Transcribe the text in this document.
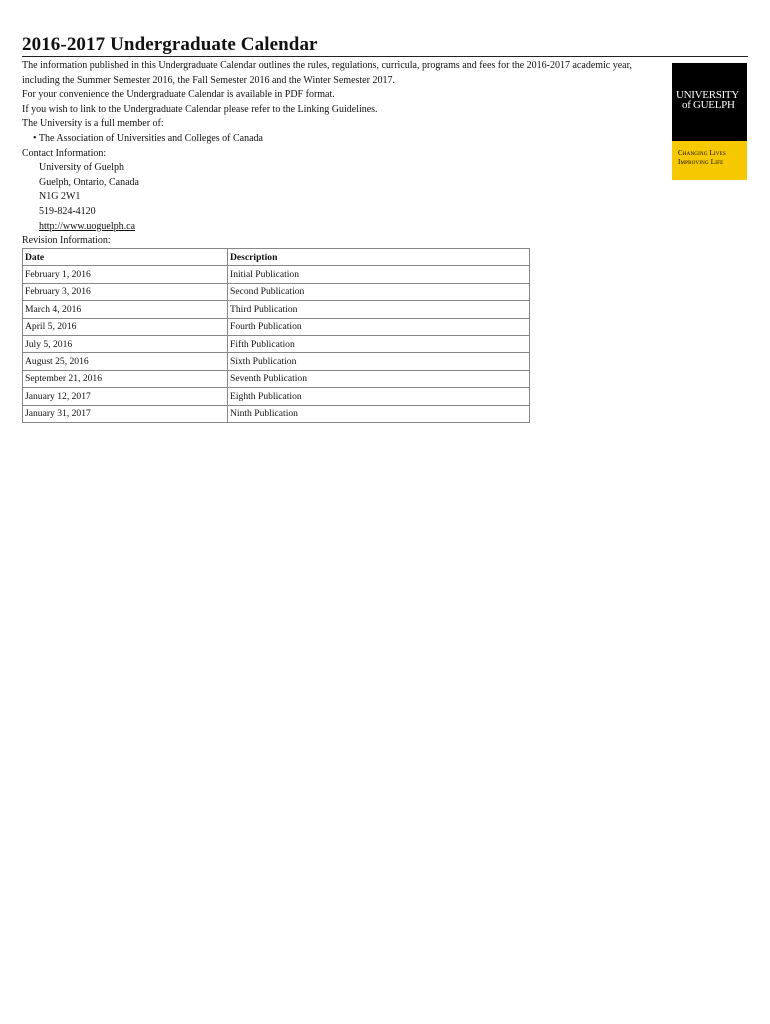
2016-2017 Undergraduate Calendar

The information published in this Undergraduate Calendar outlines the rules, regulations, curricula, programs and fees for the 2016-2017 academic year, including the Summer Semester 2016, the Fall Semester 2016 and the Winter Semester 2017.

For your convenience the Undergraduate Calendar is available in PDF format.

If you wish to link to the Undergraduate Calendar please refer to the Linking Guidelines.

The University is a full member of:

• The Association of Universities and Colleges of Canada

Contact Information:

University of Guelph

Guelph, Ontario, Canada

N1G 2W1

519-824-4120

http://www.uoguelph.ca

Revision Information:

Date	Description
February 1, 2016	Initial Publication
February 3, 2016	Second Publication
March 4, 2016	Third Publication
April 5, 2016	Fourth Publication
July 5, 2016	Fifth Publication
August 25, 2016	Sixth Publication
September 21, 2016	Seventh Publication
January 12, 2017	Eighth Publication
January 31, 2017	Ninth Publication
UNIVERSITY
of GUELPH
Changing Lives
Improving Life
